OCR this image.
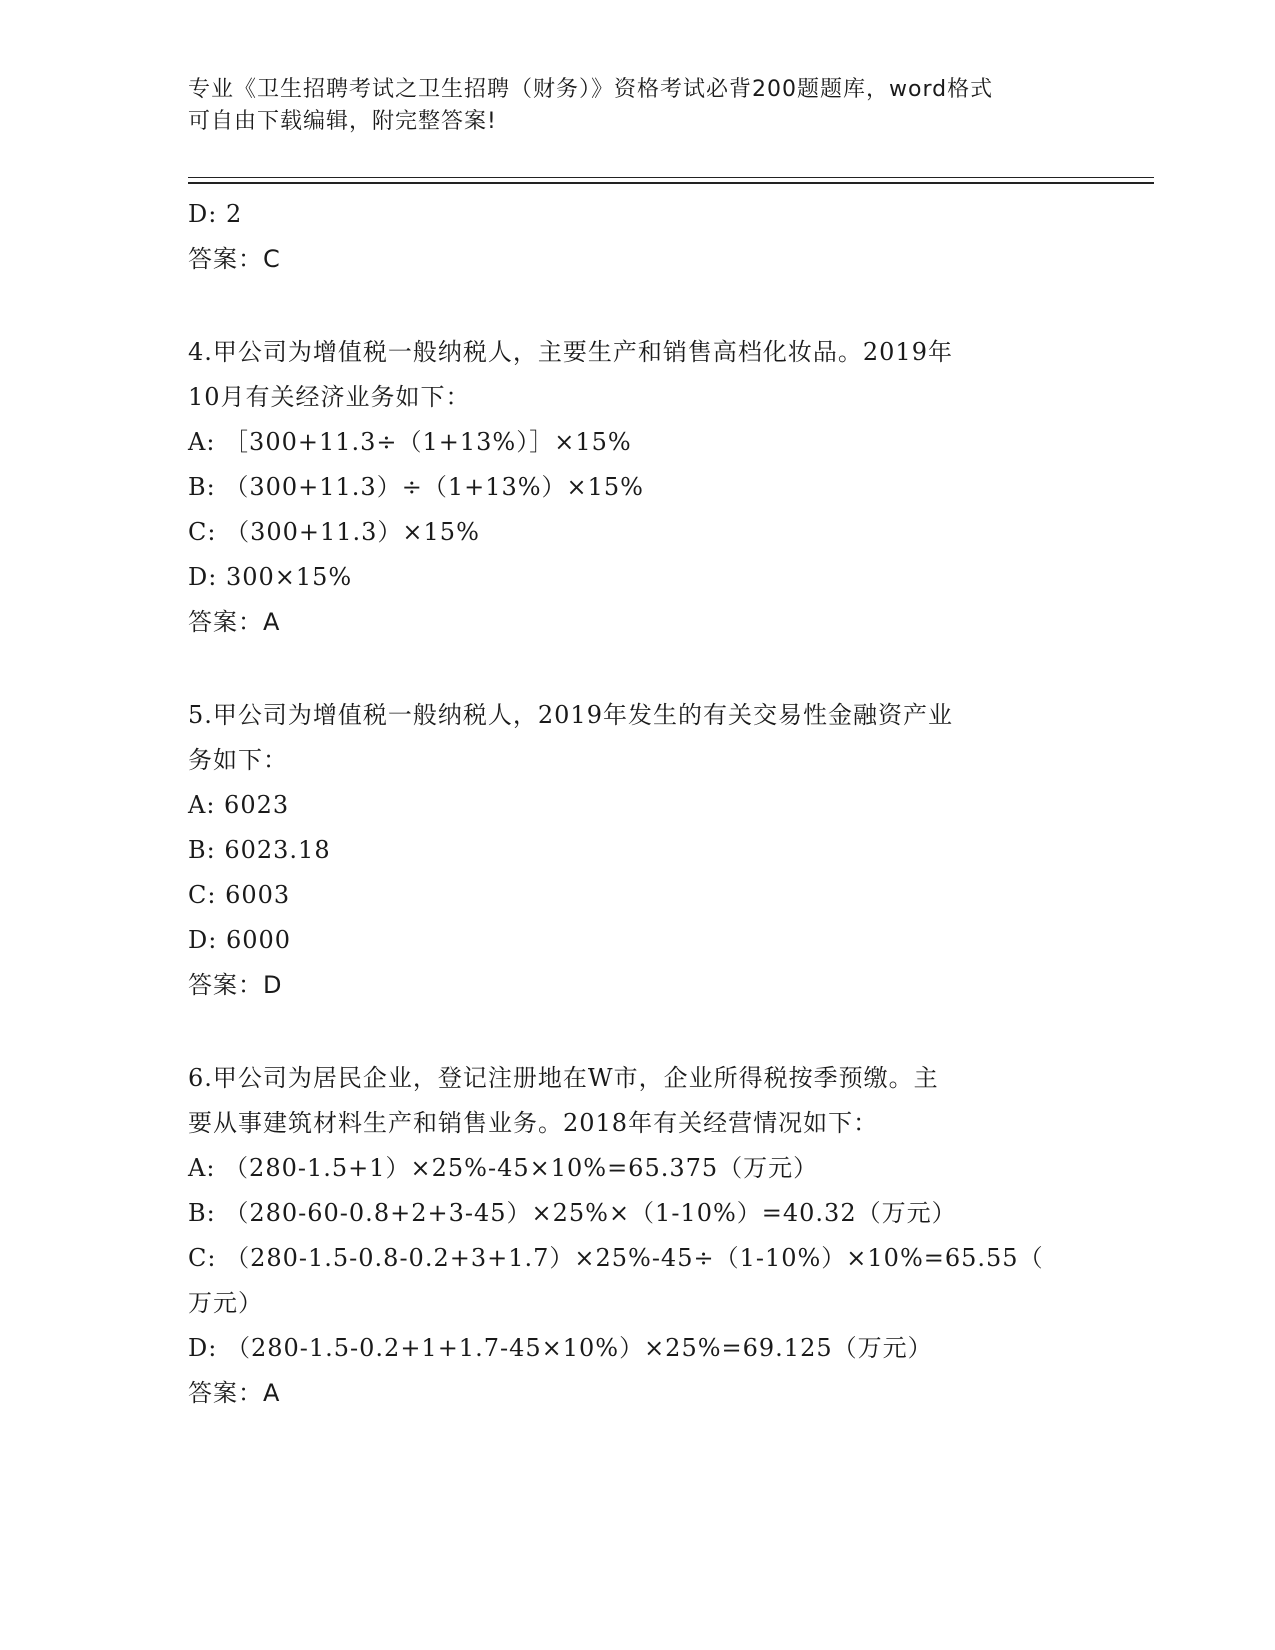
专业《卫生招聘考试之卫生招聘（财务）》资格考试必背200题题库，word格式
可自由下载编辑，附完整答案!
D: 2
答案：C
4.甲公司为增值税一般纳税人，主要生产和销售高档化妆品。2019年
10月有关经济业务如下：
A: ［300+11.3÷（1+13%）］×15%
B: （300+11.3）÷（1+13%）×15%
C: （300+11.3）×15%
D: 300×15%
答案：A
5.甲公司为增值税一般纳税人，2019年发生的有关交易性金融资产业
务如下：
A: 6023
B: 6023.18
C: 6003
D: 6000
答案：D
6.甲公司为居民企业，登记注册地在W市，企业所得税按季预缴。主
要从事建筑材料生产和销售业务。2018年有关经营情况如下：
A: （280-1.5+1）×25%-45×10%=65.375（万元）
B: （280-60-0.8+2+3-45）×25%×（1-10%）=40.32（万元）
C: （280-1.5-0.8-0.2+3+1.7）×25%-45÷（1-10%）×10%=65.55（
万元）
D: （280-1.5-0.2+1+1.7-45×10%）×25%=69.125（万元）
答案：A
